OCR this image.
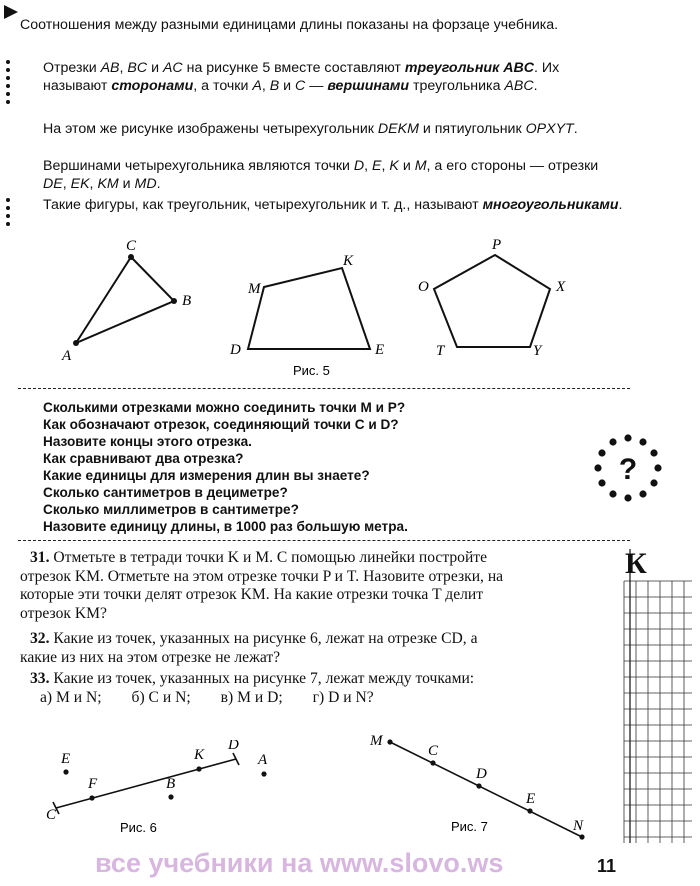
Соотношения между разными единицами длины показаны на форзаце учебника.
Отрезки AB, BC и AC на рисунке 5 вместе составляют треугольник ABC. Их называют сторонами, а точки A, B и C — вершинами треугольника ABC.
На этом же рисунке изображены четырехугольник DEKM и пятиугольник OPXYT.
Вершинами четырехугольника являются точки D, E, K и M, а его стороны — отрезки DE, EK, KM и MD.
Такие фигуры, как треугольник, четырехугольник и т. д., называют многоугольниками.
C
B
A
M
K
D	E
P
O	X
T	Y
Рис. 5
Сколькими отрезками можно соединить точки M и P?
Как обозначают отрезок, соединяющий точки C и D?
Назовите концы этого отрезка.
Как сравнивают два отрезка?
Какие единицы для измерения длин вы знаете?
Сколько сантиметров в дециметре?
Сколько миллиметров в сантиметре?
Назовите единицу длины, в 1000 раз большую метра.
?
31. Отметьте в тетради точки K и M. С помощью линейки постройте
отрезок KM. Отметьте на этом отрезке точки P и T. Назовите отрезки, на
которые эти точки делят отрезок KM. На какие отрезки точка T делит
отрезок KM?
32. Какие из точек, указанных на рисунке 6, лежат на отрезке CD, а
какие из них на этом отрезке не лежат?
33. Какие из точек, указанных на рисунке 7, лежат между точками:
а) M и N; б) C и N; в) M и D; г) D и N?
К
E
F
C
K
D
A
B
Рис. 6
M
C
D
E
N
Рис. 7
все учебники на www.slovo.ws	11
